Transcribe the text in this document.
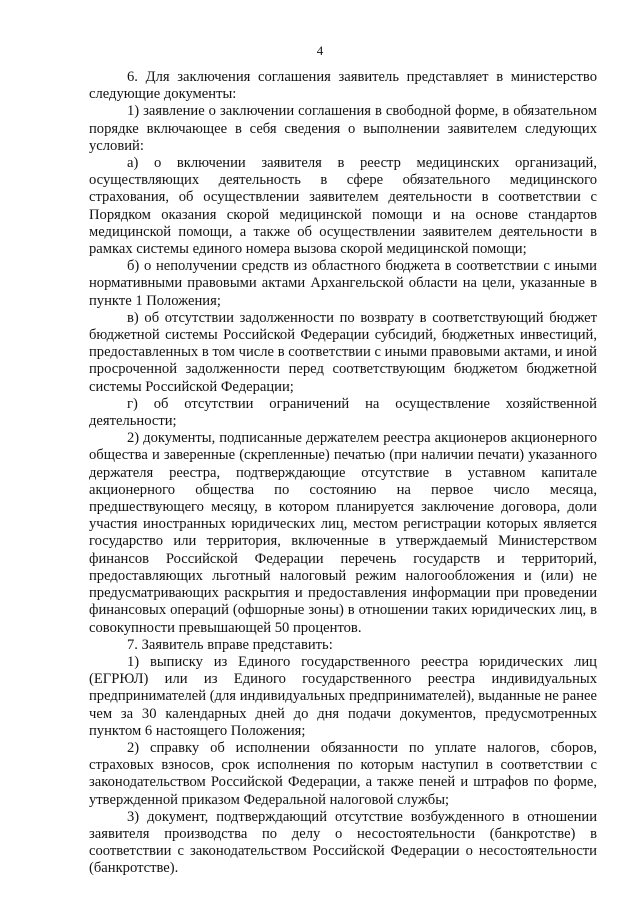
4

6. Для заключения соглашения заявитель представляет в министерство следующие документы:

1) заявление о заключении соглашения в свободной форме, в обязательном порядке включающее в себя сведения о выполнении заявителем следующих условий:

а) о включении заявителя в реестр медицинских организаций, осуществляющих деятельность в сфере обязательного медицинского страхования, об осуществлении заявителем деятельности в соответствии с Порядком оказания скорой медицинской помощи и на основе стандартов медицинской помощи, а также об осуществлении заявителем деятельности в рамках системы единого номера вызова скорой медицинской помощи;

б) о неполучении средств из областного бюджета в соответствии с иными нормативными правовыми актами Архангельской области на цели, указанные в пункте 1 Положения;

в) об отсутствии задолженности по возврату в соответствующий бюджет бюджетной системы Российской Федерации субсидий, бюджетных инвестиций, предоставленных в том числе в соответствии с иными правовыми актами, и иной просроченной задолженности перед соответствующим бюджетом бюджетной системы Российской Федерации;

г) об отсутствии ограничений на осуществление хозяйственной деятельности;

2) документы, подписанные держателем реестра акционеров акционерного общества и заверенные (скрепленные) печатью (при наличии печати) указанного держателя реестра, подтверждающие отсутствие в уставном капитале акционерного общества по состоянию на первое число месяца, предшествующего месяцу, в котором планируется заключение договора, доли участия иностранных юридических лиц, местом регистрации которых является государство или территория, включенные в утверждаемый Министерством финансов Российской Федерации перечень государств и территорий, предоставляющих льготный налоговый режим налогообложения и (или) не предусматривающих раскрытия и предоставления информации при проведении финансовых операций (офшорные зоны) в отношении таких юридических лиц, в совокупности превышающей 50 процентов.

7. Заявитель вправе представить:

1) выписку из Единого государственного реестра юридических лиц (ЕГРЮЛ) или из Единого государственного реестра индивидуальных предпринимателей (для индивидуальных предпринимателей), выданные не ранее чем за 30 календарных дней до дня подачи документов, предусмотренных пунктом 6 настоящего Положения;

2) справку об исполнении обязанности по уплате налогов, сборов, страховых взносов, срок исполнения по которым наступил в соответствии с законодательством Российской Федерации, а также пеней и штрафов по форме, утвержденной приказом Федеральной налоговой службы;

3) документ, подтверждающий отсутствие возбужденного в отношении заявителя производства по делу о несостоятельности (банкротстве) в соответствии с законодательством Российской Федерации о несостоятельности (банкротстве).
